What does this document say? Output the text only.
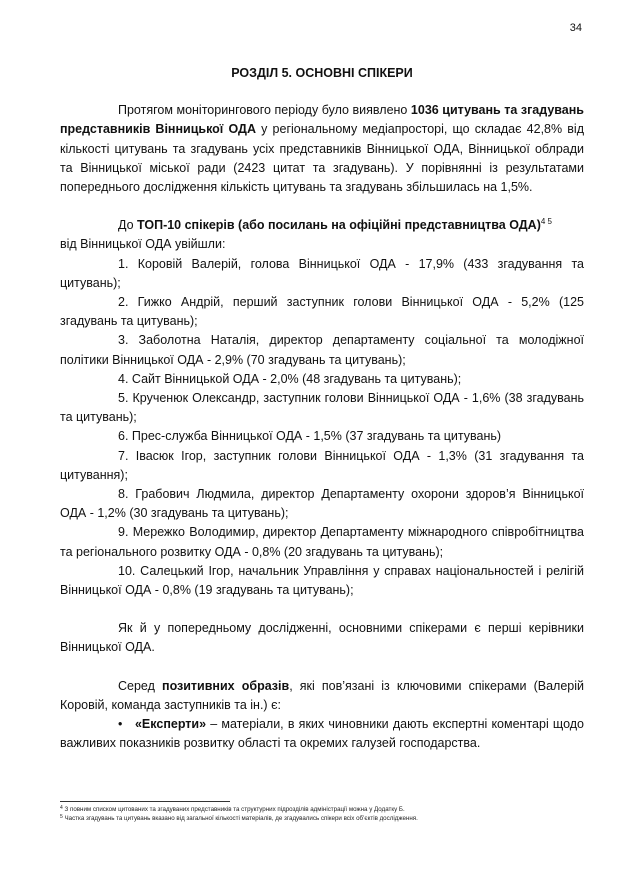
34
РОЗДІЛ 5. ОСНОВНІ СПІКЕРИ

Протягом моніторингового періоду було виявлено 1036 цитувань та згадувань представників Вінницької ОДА у регіональному медіапросторі, що складає 42,8% від кількості цитувань та згадувань усіх представників Вінницької ОДА, Вінницької облради та Вінницької міської ради (2423 цитат та згадувань). У порівнянні із результатами попереднього дослідження кількість цитувань та згадувань збільшилась на 1,5%.

До ТОП-10 спікерів (або посилань на офіційні представництва ОДА)$^{4 5}$

від Вінницької ОДА увійшли:

1. Коровій Валерій, голова Вінницької ОДА - 17,9% (433 згадування та цитувань);
2. Гижко Андрій, перший заступник голови Вінницької ОДА - 5,2% (125 згадувань та цитувань);
3. Заболотна Наталія, директор департаменту соціальної та молодіжної політики Вінницької ОДА - 2,9% (70 згадувань та цитувань);
4. Сайт Вінницькой ОДА - 2,0% (48 згадувань та цитувань);
5. Крученюк Олександр, заступник голови Вінницької ОДА - 1,6% (38 згадувань та цитувань);
6. Прес-служба Вінницької ОДА - 1,5% (37 згадувань та цитувань)
7. Івасюк Ігор, заступник голови Вінницької ОДА - 1,3% (31 згадування та цитування);
8. Грабович Людмила, директор Департаменту охорони здоров’я Вінницької ОДА - 1,2% (30 згадувань та цитувань);
9. Мережко Володимир, директор Департаменту міжнародного співробітництва та регіонального розвитку ОДА - 0,8% (20 згадувань та цитувань);
10. Салецький Ігор, начальник Управління у справах національностей і релігій Вінницької ОДА - 0,8% (19 згадувань та цитувань);

Як й у попередньому дослідженні, основними спікерами є перші керівники Вінницької ОДА.

Серед позитивних образів, які пов’язані із ключовими спікерами (Валерій Коровій, команда заступників та ін.) є:

• «Експерти» – матеріали, в яких чиновники дають експертні коментарі щодо важливих показників розвитку області та окремих галузей господарства.

$^4$ З повним списком цитованих та згадуваних представників та структурних підрозділів адміністрації можна у Додатку Б.
$^5$ Частка згадувань та цитувань вказано від загальної кількості матеріалів, де згадувались спікери всіх об’єктів дослідження.
